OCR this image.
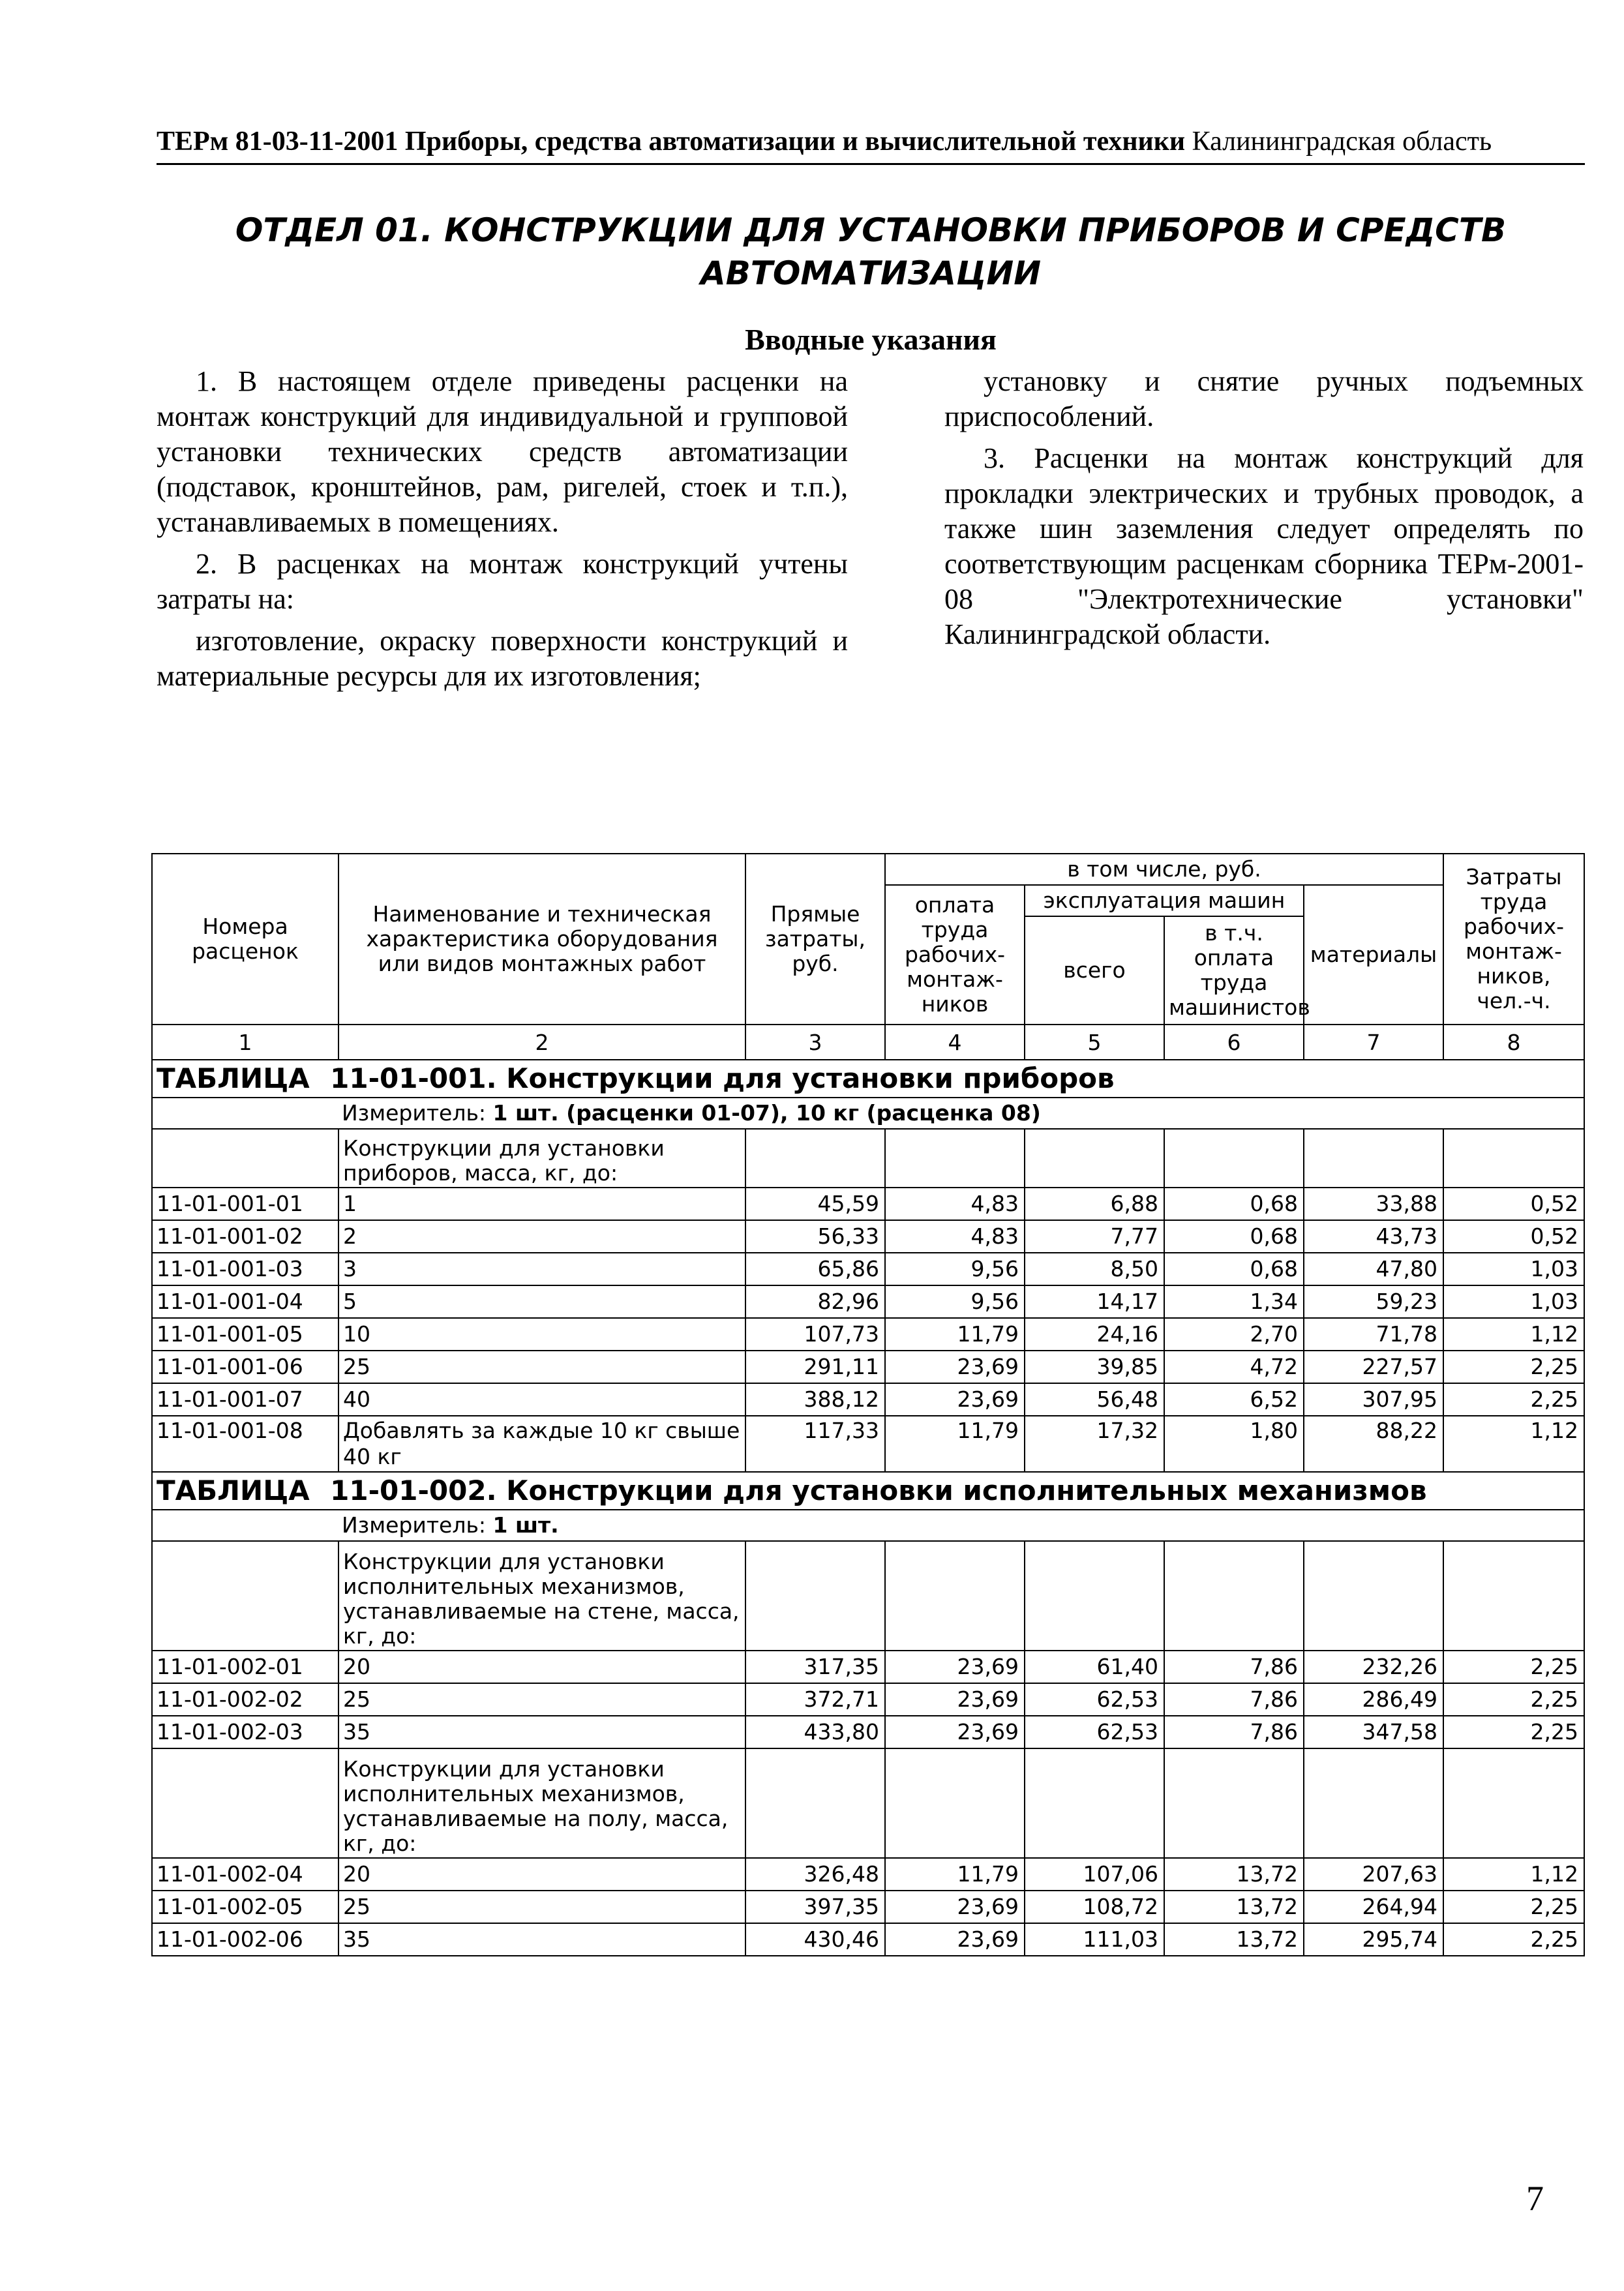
ТЕРм 81-03-11-2001 Приборы, средства автоматизации и вычислительной техники Калининградская область
ОТДЕЛ 01. КОНСТРУКЦИИ ДЛЯ УСТАНОВКИ ПРИБОРОВ И СРЕДСТВ АВТОМАТИЗАЦИИ
Вводные указания

1. В настоящем отделе приведены расценки на монтаж конструкций для индивидуальной и групповой установки технических средств автоматизации (подставок, кронштейнов, рам, ригелей, стоек и т.п.), устанавливаемых в помещениях.

2. В расценках на монтаж конструкций учтены затраты на:

изготовление, окраску поверхности конструкций и материальные ресурсы для их изготовления;

установку и снятие ручных подъемных приспособлений.

3. Расценки на монтаж конструкций для прокладки электрических и трубных проводок, а также шин заземления следует определять по соответствующим расценкам сборника ТЕРм-2001-08 "Электротехнические установки" Калининградской области.

Номера расценок	Наименование и техническая характеристика оборудования или видов монтажных работ	Прямые затраты, руб.	в том числе, руб.				Затраты труда рабочих-монтаж-ников, чел.-ч.
			оплата труда рабочих-монтаж-ников	эксплуатация машин		материалы	
				всего	в т.ч. оплата труда машинистов		
1	2	3	4	5	6	7	8
ТАБЛИЦА 11-01-001. Конструкции для установки приборов							
Измеритель: 1 шт. (расценки 01-07), 10 кг (расценка 08)							
	Конструкции для установки приборов, масса, кг, до:						
11-01-001-01	1	45,59	4,83	6,88	0,68	33,88	0,52
11-01-001-02	2	56,33	4,83	7,77	0,68	43,73	0,52
11-01-001-03	3	65,86	9,56	8,50	0,68	47,80	1,03
11-01-001-04	5	82,96	9,56	14,17	1,34	59,23	1,03
11-01-001-05	10	107,73	11,79	24,16	2,70	71,78	1,12
11-01-001-06	25	291,11	23,69	39,85	4,72	227,57	2,25
11-01-001-07	40	388,12	23,69	56,48	6,52	307,95	2,25
11-01-001-08	Добавлять за каждые 10 кг свыше 40 кг	117,33	11,79	17,32	1,80	88,22	1,12
ТАБЛИЦА 11-01-002. Конструкции для установки исполнительных механизмов							
Измеритель: 1 шт.							
	Конструкции для установки исполнительных механизмов, устанавливаемые на стене, масса, кг, до:						
11-01-002-01	20	317,35	23,69	61,40	7,86	232,26	2,25
11-01-002-02	25	372,71	23,69	62,53	7,86	286,49	2,25
11-01-002-03	35	433,80	23,69	62,53	7,86	347,58	2,25
	Конструкции для установки исполнительных механизмов, устанавливаемые на полу, масса, кг, до:						
11-01-002-04	20	326,48	11,79	107,06	13,72	207,63	1,12
11-01-002-05	25	397,35	23,69	108,72	13,72	264,94	2,25
11-01-002-06	35	430,46	23,69	111,03	13,72	295,74	2,25
7
